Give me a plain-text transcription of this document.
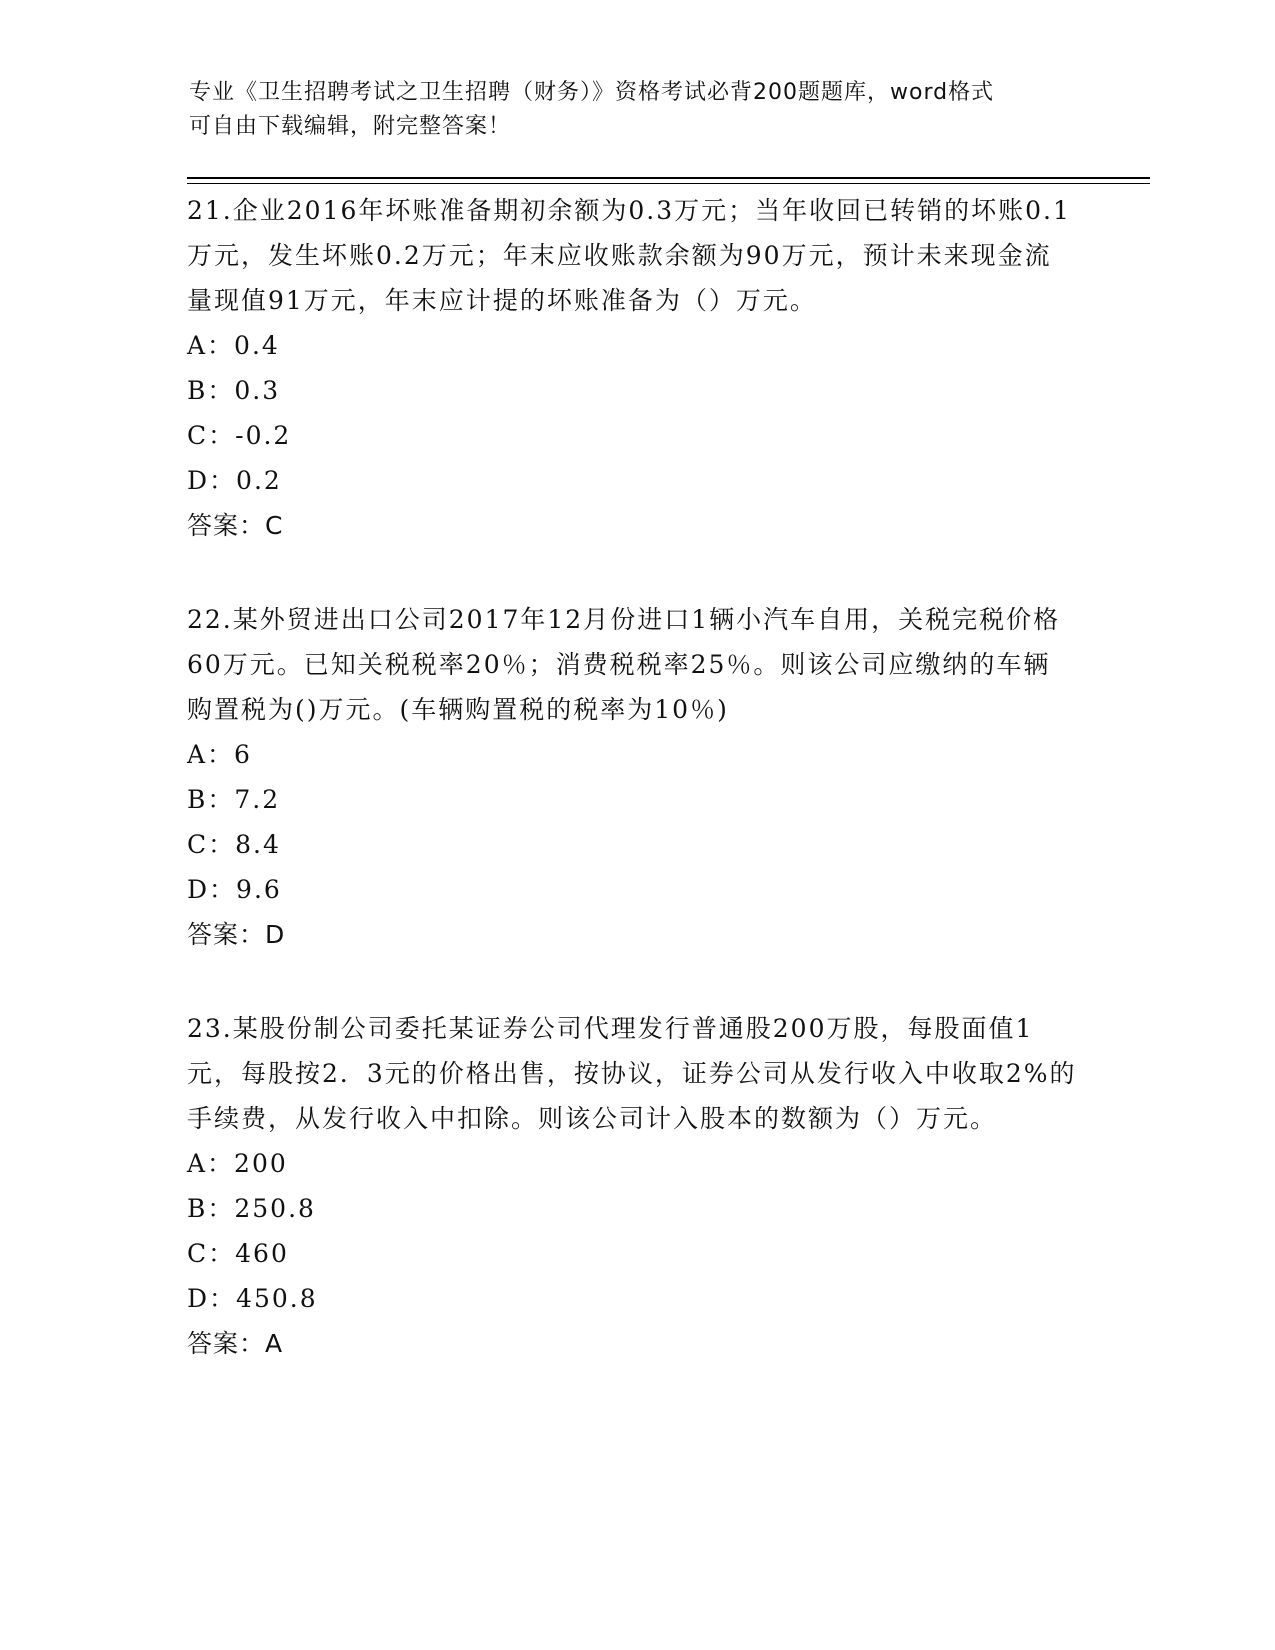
专业《卫生招聘考试之卫生招聘（财务）》资格考试必背200题题库，word格式
可自由下载编辑，附完整答案！

21.企业2016年坏账准备期初余额为0.3万元；当年收回已转销的坏账0.1万元，发生坏账0.2万元；年末应收账款余额为90万元，预计未来现金流量现值91万元，年末应计提的坏账准备为（）万元。

A：0.4

B：0.3

C：-0.2

D：0.2

答案：C

22.某外贸进出口公司2017年12月份进口1辆小汽车自用，关税完税价格60万元。已知关税税率20％；消费税税率25％。则该公司应缴纳的车辆购置税为()万元。(车辆购置税的税率为10％)

A：6

B：7.2

C：8.4

D：9.6

答案：D

23.某股份制公司委托某证券公司代理发行普通股200万股，每股面值1元，每股按2．3元的价格出售，按协议，证券公司从发行收入中收取2%的手续费，从发行收入中扣除。则该公司计入股本的数额为（）万元。

A：200

B：250.8

C：460

D：450.8

答案：A
